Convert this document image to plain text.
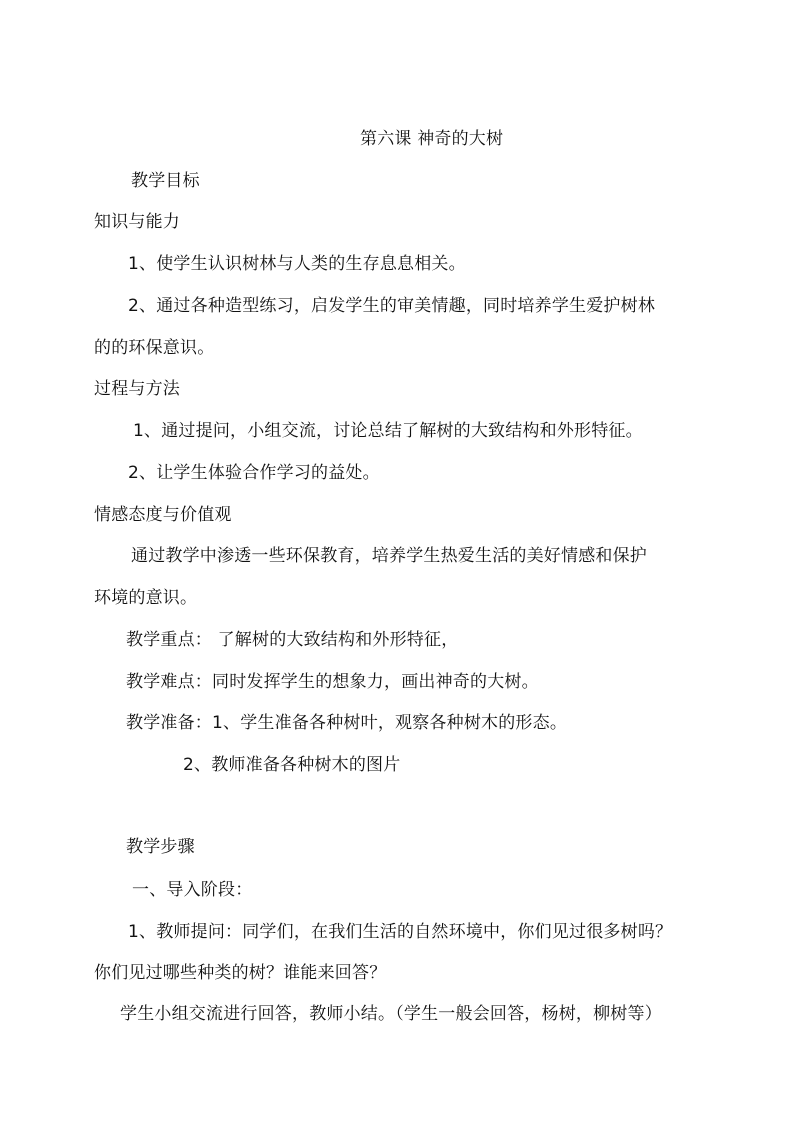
第六课 神奇的大树
教学目标
知识与能力
1、使学生认识树林与人类的生存息息相关。
2、通过各种造型练习，启发学生的审美情趣，同时培养学生爱护树林
的的环保意识。
过程与方法
1、通过提问，小组交流，讨论总结了解树的大致结构和外形特征。
2、让学生体验合作学习的益处。
情感态度与价值观
通过教学中渗透一些环保教育，培养学生热爱生活的美好情感和保护
环境的意识。
教学重点： 了解树的大致结构和外形特征，
教学难点：同时发挥学生的想象力，画出神奇的大树。
教学准备：1、学生准备各种树叶，观察各种树木的形态。
2、教师准备各种树木的图片
教学步骤
一、导入阶段：
1、教师提问：同学们，在我们生活的自然环境中，你们见过很多树吗？
你们见过哪些种类的树？谁能来回答？
学生小组交流进行回答，教师小结。（学生一般会回答，杨树，柳树等）
